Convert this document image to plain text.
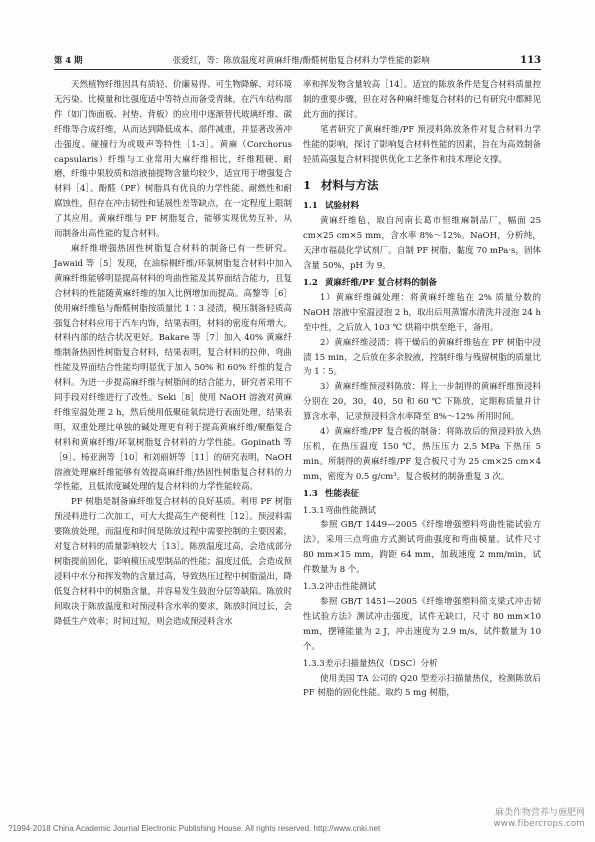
第 4 期	张爱红，等：陈放温度对黄麻纤维/酚醛树脂复合材料力学性能的影响	113

天然植物纤维因具有质轻、价廉易得、可生物降解、对环境无污染、比模量和比强度适中等特点而备受青睐，在汽车结构部件（如门饰面板、衬垫、背板）的应用中逐渐替代玻璃纤维、碳纤维等合成纤维，从而达到降低成本、部件减重，并显著改善冲击强度、碰撞行为或吸声等特性［1-3］。黄麻（Corchorus capsularis）纤维与工业常用大麻纤维相比，纤维粗硬、耐磨，纤维中果胶质和溶液抽提物含量均较少，适宜用于增强复合材料［4］。酚醛（PF）树脂具有优良的力学性能、耐燃性和耐腐蚀性，但存在冲击韧性和延展性差等缺点，在一定程度上限制了其应用。黄麻纤维与 PF 树脂复合，能够实现优势互补，从而制备出高性能的复合材料。

麻纤维增强热固性树脂复合材料的制备已有一些研究。Jawaid 等［5］发现，在油棕榈纤维/环氧树脂复合材料中加入黄麻纤维能够明显提高材料的弯曲性能及其界面结合能力，且复合材料的性能随黄麻纤维的加入比例增加而提高。高黎等［6］使用麻纤维毡与酚醛树脂按质量比 1∶3 浸渍，模压制备轻质高强复合材料应用于汽车内饰，结果表明，材料的密度有所增大，材料内部的结合状况更好。Bakare 等［7］加入 40% 黄麻纤维制备热固性树脂复合材料，结果表明，复合材料的拉伸、弯曲性能及界面结合性能均明显优于加入 50% 和 60% 纤维的复合材料。为进一步提高麻纤维与树脂间的结合能力，研究者采用不同手段对纤维进行了改性。Seki［8］使用 NaOH 溶液对黄麻纤维室温处理 2 h，然后使用低聚硅氧烷进行表面处理，结果表明，双重处理比单独的碱处理更有利于提高黄麻纤维/聚酯复合材料和黄麻纤维/环氧树脂复合材料的力学性能。Gopinath 等［9］、杨亚洲等［10］和刘丽妍等［11］的研究表明，NaOH 溶液处理麻纤维能够有效提高麻纤维/热固性树脂复合材料的力学性能，且低浓度碱处理的复合材料的力学性能较高。

PF 树脂是制备麻纤维复合材料的良好基质。利用 PF 树脂预浸料进行二次加工，可大大提高生产便利性［12］。预浸料需要陈放处理，而温度和时间是陈放过程中需要控制的主要因素，对复合材料的质量影响较大［13］。陈放温度过高，会造成部分树脂提前固化，影响模压成型制品的性能；温度过低，会造成预浸料中水分和挥发物的含量过高，导致热压过程中树脂溢出，降低复合材料中的树脂含量，并容易发生鼓泡分层等缺陷。陈放时间取决于陈放温度和对预浸料含水率的要求，陈放时间过长，会降低生产效率；时间过短，则会造成预浸料含水

率和挥发物含量较高［14］。适宜的陈放条件是复合材料质量控制的重要步骤，但在对各种麻纤维复合材料的已有研究中都鲜见此方面的探讨。

笔者研究了黄麻纤维/PF 预浸料陈放条件对复合材料力学性能的影响，探讨了影响复合材料性能的因素，旨在为高效制备轻质高强复合材料提供优化工艺条件和技术理论支撑。

1 材料与方法
1.1 试验材料

黄麻纤维毡，取自河南长葛市恒维麻制品厂，幅面 25 cm×25 cm×5 mm，含水率 8%～12%。NaOH，分析纯，天津市福晨化学试剂厂。自制 PF 树脂，黏度 70 mPa·s，固体含量 50%，pH 为 9。

1.2 黄麻纤维/PF 复合材料的制备

1）黄麻纤维碱处理：将黄麻纤维毡在 2% 质量分数的 NaOH 溶液中室温浸泡 2 h，取出后用蒸馏水清洗并浸泡 24 h 至中性，之后放入 103 ℃ 烘箱中烘至绝干，备用。

2）黄麻纤维浸渍：将干燥后的黄麻纤维毡在 PF 树脂中浸渍 15 min，之后放在多余胶液，控制纤维与残留树脂的质量比为 1∶5。

3）黄麻纤维预浸料陈放：将上一步制得的黄麻纤维预浸料分别在 20，30，40，50 和 60 ℃ 下陈放，定期称质量并计算含水率，记录预浸料含水率降至 8%～12% 所用时间。

4）黄麻纤维/PF 复合板的制备：将陈放后的预浸料放入热压机，在热压温度 150 ℃，热压压力 2.5 MPa 下热压 5 min。所制得的黄麻纤维/PF 复合板尺寸为 25 cm×25 cm×4 mm，密度为 0.5 g/cm³。复合板材的制备重复 3 次。

1.3 性能表征
1.3.1弯曲性能测试

参照 GB/T 1449—2005《纤维增强塑料弯曲性能试验方法》，采用三点弯曲方式测试弯曲强度和弯曲模量。试件尺寸 80 mm×15 mm，跨距 64 mm，加载速度 2 mm/min，试件数量为 8 个。

1.3.2冲击性能测试

参照 GB/T 1451—2005《纤维增强塑料简支梁式冲击韧性试验方法》测试冲击强度，试件无缺口，尺寸 80 mm×10 mm，摆锤能量为 2 J，冲击速度为 2.9 m/s，试件数量为 10 个。

1.3.3差示扫描量热仪（DSC）分析

使用美国 TA 公司的 Q20 型差示扫描量热仪，检测陈放后 PF 树脂的固化性能。取约 5 mg 树脂，

麻类作物营养与施肥网
www.fibercrops.com
?1994-2018 China Academic Journal Electronic Publishing House. All rights reserved. http://www.cnki.net
